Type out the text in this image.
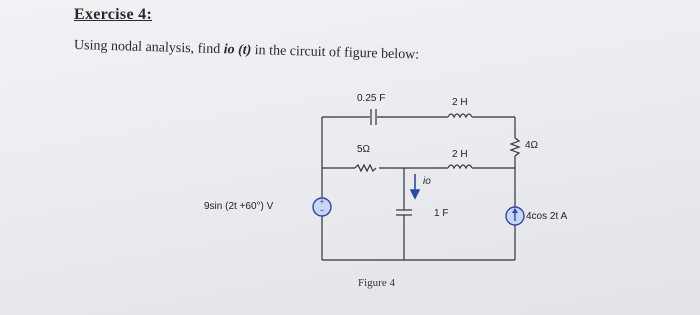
Exercise 4:
Using nodal analysis, find io (t) in the circuit of figure below:
+
−
0.25 F	2 H
5Ω	2 H
4Ω
io
1 F
9sin (2t +60°) V
4cos 2t A
Figure 4
